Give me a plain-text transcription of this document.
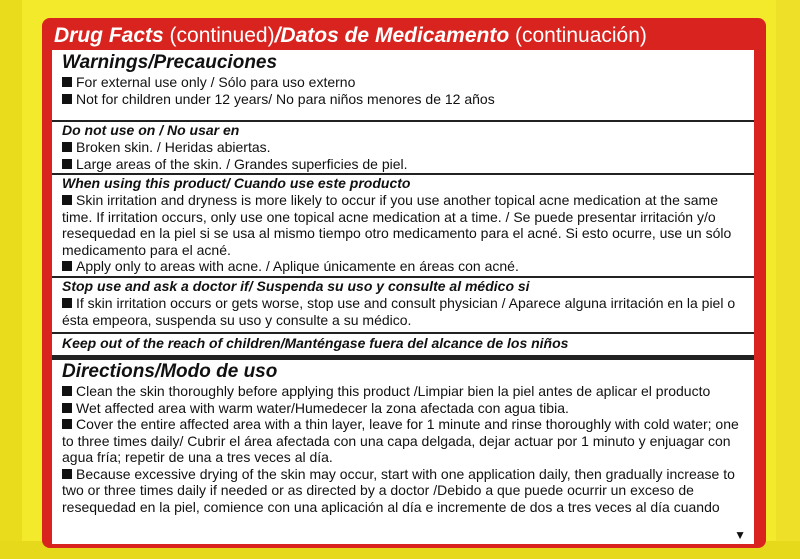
Drug Facts (continued)/Datos de Medicamento (continuación)
Warnings/Precauciones
For external use only / Sólo para uso externo
Not for children under 12 years/ No para niños menores de 12 años
Do not use on / No usar en
Broken skin. / Heridas abiertas.
Large areas of the skin. / Grandes superficies de piel.
When using this product/ Cuando use este producto
Skin irritation and dryness is more likely to occur if you use another topical acne medication at the same
time. If irritation occurs, only use one topical acne medication at a time. / Se puede presentar irritación y/o
resequedad en la piel si se usa al mismo tiempo otro medicamento para el acné. Si esto ocurre, use un sólo
medicamento para el acné.
Apply only to areas with acne. / Aplique únicamente en áreas con acné.
Stop use and ask a doctor if/ Suspenda su uso y consulte al médico si
If skin irritation occurs or gets worse, stop use and consult physician / Aparece alguna irritación en la piel o
ésta empeora, suspenda su uso y consulte a su médico.
Keep out of the reach of children/Manténgase fuera del alcance de los niños
Directions/Modo de uso
Clean the skin thoroughly before applying this product /Limpiar bien la piel antes de aplicar el producto
Wet affected area with warm water/Humedecer la zona afectada con agua tibia.
Cover the entire affected area with a thin layer, leave for 1 minute and rinse thoroughly with cold water; one
to three times daily/ Cubrir el área afectada con una capa delgada, dejar actuar por 1 minuto y enjuagar con
agua fría; repetir de una a tres veces al día.
Because excessive drying of the skin may occur, start with one application daily, then gradually increase to
two or three times daily if needed or as directed by a doctor /Debido a que puede ocurrir un exceso de
resequedad en la piel, comience con una aplicación al día e incremente de dos a tres veces al día cuando
▼
